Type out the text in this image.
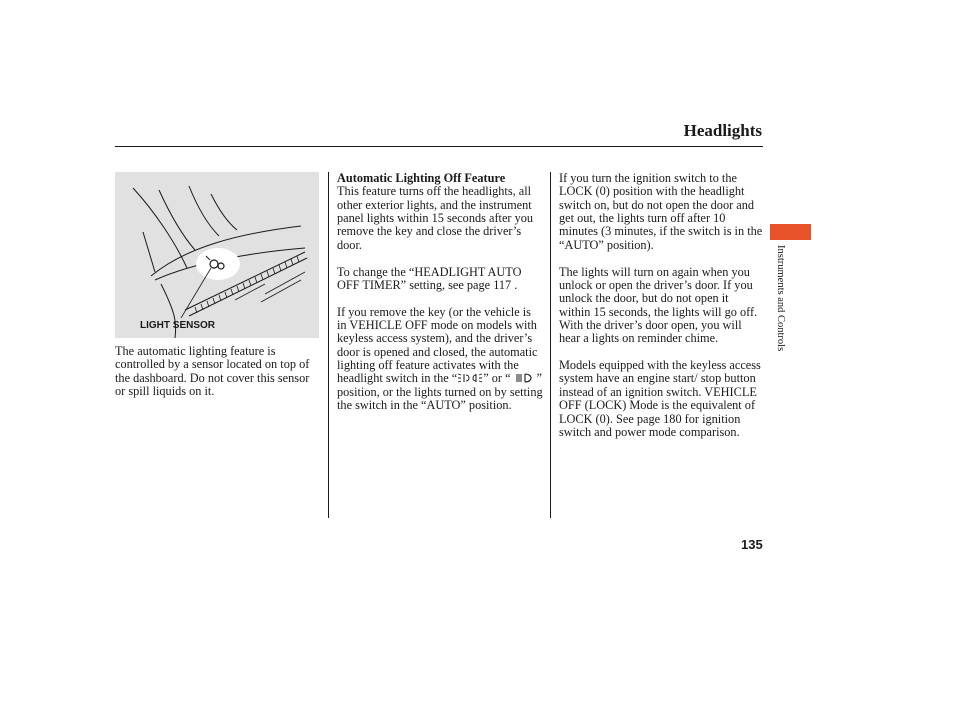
Headlights

LIGHT SENSOR

The automatic lighting feature is controlled by a sensor located on top of the dashboard. Do not cover this sensor or spill liquids on it.

Automatic Lighting Off Feature
This feature turns off the headlights, all other exterior lights, and the instrument panel lights within 15 seconds after you remove the key and close the driver’s door.

To change the “HEADLIGHT AUTO OFF TIMER” setting, see page 117 .

If you remove the key (or the vehicle is in VEHICLE OFF mode on models with keyless access system), and the driver’s door is opened and closed, the automatic lighting off feature activates with the headlight switch in the “ ” or “ ” position, or the lights turned on by setting the switch in the “AUTO” position.

If you turn the ignition switch to the LOCK (0) position with the headlight switch on, but do not open the door and get out, the lights turn off after 10 minutes (3 minutes, if the switch is in the “AUTO” position).

The lights will turn on again when you unlock or open the driver’s door. If you unlock the door, but do not open it within 15 seconds, the lights will go off. With the driver’s door open, you will hear a lights on reminder chime.

Models equipped with the keyless access system have an engine start/ stop button instead of an ignition switch. VEHICLE OFF (LOCK) Mode is the equivalent of LOCK (0). See page 180 for ignition switch and power mode comparison.

Instruments and Controls

135
